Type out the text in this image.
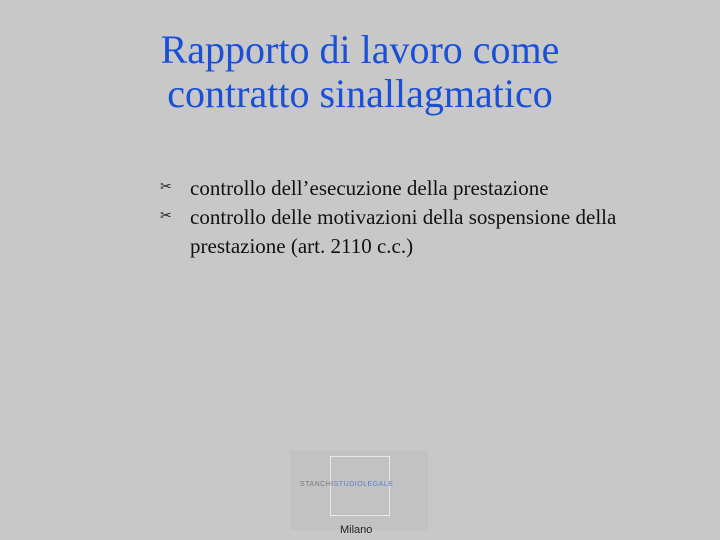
Rapporto di lavoro come
contratto sinallagmatico
✂ controllo dell’esecuzione della prestazione
✂ controllo delle motivazioni della sospensione della prestazione (art. 2110 c.c.)
STANCHISTUDIOLEGALE
Milano
